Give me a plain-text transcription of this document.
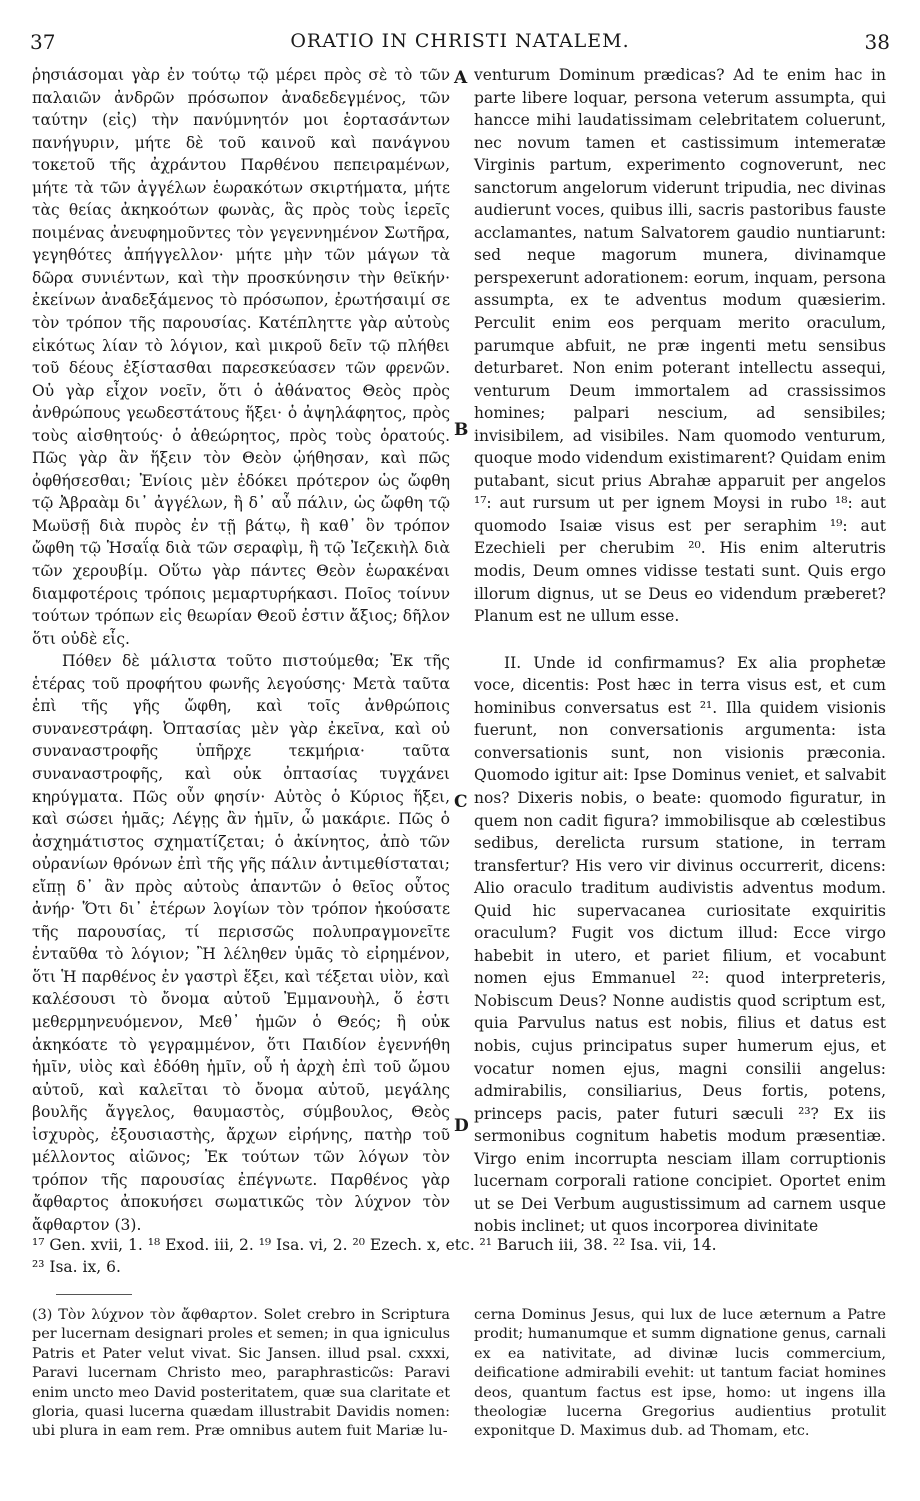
37	ORATIO IN CHRISTI NATALEM.	38

ῥησιάσομαι γὰρ ἐν τούτῳ τῷ μέρει πρὸς σὲ τὸ τῶν παλαιῶν ἀνδρῶν πρόσωπον ἀναδεδεγμένος, τῶν ταύτην (εἰς) τὴν πανύμνητόν μοι ἑορτασάντων πανήγυριν, μήτε δὲ τοῦ καινοῦ καὶ πανάγνου τοκετοῦ τῆς ἀχράντου Παρθένου πεπειραμένων, μήτε τὰ τῶν ἀγγέλων ἑωρακότων σκιρτήματα, μήτε τὰς θείας ἀκηκοότων φωνὰς, ἃς πρὸς τοὺς ἱερεῖς ποιμένας ἀνευφημοῦντες τὸν γεγεννημένον Σωτῆρα, γεγηθότες ἀπήγγελλον· μήτε μὴν τῶν μάγων τὰ δῶρα συνιέντων, καὶ τὴν προσκύνησιν τὴν θεϊκήν· ἐκείνων ἀναδεξάμενος τὸ πρόσωπον, ἐρωτήσαιμί σε τὸν τρόπον τῆς παρουσίας. Κατέπληττε γὰρ αὐτοὺς εἰκότως λίαν τὸ λόγιον, καὶ μικροῦ δεῖν τῷ πλήθει τοῦ δέους ἐξίστασθαι παρεσκεύασεν τῶν φρενῶν. Οὐ γὰρ εἶχον νοεῖν, ὅτι ὁ ἀθάνατος Θεὸς πρὸς ἀνθρώπους γεωδεστάτους ἥξει· ὁ ἀψηλάφητος, πρὸς τοὺς αἰσθητούς· ὁ ἀθεώρητος, πρὸς τοὺς ὁρατούς. Πῶς γὰρ ἂν ἥξειν τὸν Θεὸν ᾠήθησαν, καὶ πῶς ὀφθήσεσθαι; Ἐνίοις μὲν ἐδόκει πρότερον ὡς ὤφθη τῷ Ἀβραὰμ δι᾽ ἀγγέλων, ἢ δ᾽ αὖ πάλιν, ὡς ὤφθη τῷ Μωϋσῇ διὰ πυρὸς ἐν τῇ βάτῳ, ἢ καθ᾽ ὃν τρόπον ὤφθη τῷ Ἡσαΐᾳ διὰ τῶν σεραφὶμ, ἢ τῷ Ἰεζεκιὴλ διὰ τῶν χερουβίμ. Οὕτω γὰρ πάντες Θεὸν ἑωρακέναι διαμφοτέροις τρόποις μεμαρτυρήκασι. Ποῖος τοίνυν τούτων τρόπων εἰς θεωρίαν Θεοῦ ἐστιν ἄξιος; δῆλον ὅτι οὐδὲ εἷς.

Πόθεν δὲ μάλιστα τοῦτο πιστούμεθα; Ἐκ τῆς ἑτέρας τοῦ προφήτου φωνῆς λεγούσης· Μετὰ ταῦτα ἐπὶ τῆς γῆς ὤφθη, καὶ τοῖς ἀνθρώποις συνανεστράφη. Ὀπτασίας μὲν γὰρ ἐκεῖνα, καὶ οὐ συναναστροφῆς ὑπῆρχε τεκμήρια· ταῦτα συναναστροφῆς, καὶ οὐκ ὀπτασίας τυγχάνει κηρύγματα. Πῶς οὖν φησίν· Αὐτὸς ὁ Κύριος ἥξει, καὶ σώσει ἡμᾶς; Λέγῃς ἂν ἡμῖν, ὦ μακάριε. Πῶς ὁ ἀσχημάτιστος σχηματίζεται; ὁ ἀκίνητος, ἀπὸ τῶν οὐρανίων θρόνων ἐπὶ τῆς γῆς πάλιν ἀντιμεθίσταται; εἴπῃ δ᾽ ἂν πρὸς αὐτοὺς ἁπαντῶν ὁ θεῖος οὗτος ἀνήρ· Ὅτι δι᾽ ἑτέρων λογίων τὸν τρόπον ἠκούσατε τῆς παρουσίας, τί περισσῶς πολυπραγμονεῖτε ἐνταῦθα τὸ λόγιον; Ἢ λέληθεν ὑμᾶς τὸ εἰρημένον, ὅτι Ἡ παρθένος ἐν γαστρὶ ἕξει, καὶ τέξεται υἱὸν, καὶ καλέσουσι τὸ ὄνομα αὐτοῦ Ἐμμανουὴλ, ὅ ἐστι μεθερμηνευόμενον, Μεθ᾽ ἡμῶν ὁ Θεός; ἢ οὐκ ἀκηκόατε τὸ γεγραμμένον, ὅτι Παιδίον ἐγεννήθη ἡμῖν, υἱὸς καὶ ἐδόθη ἡμῖν, οὗ ἡ ἀρχὴ ἐπὶ τοῦ ὤμου αὐτοῦ, καὶ καλεῖται τὸ ὄνομα αὐτοῦ, μεγάλης βουλῆς ἄγγελος, θαυμαστὸς, σύμβουλος, Θεὸς ἰσχυρὸς, ἐξουσιαστὴς, ἄρχων εἰρήνης, πατὴρ τοῦ μέλλοντος αἰῶνος; Ἐκ τούτων τῶν λόγων τὸν τρόπον τῆς παρουσίας ἐπέγνωτε. Παρθένος γὰρ ἄφθαρτος ἀποκυήσει σωματικῶς τὸν λύχνον τὸν ἄφθαρτον (3).

venturum Dominum prædicas? Ad te enim hac in parte libere loquar, persona veterum assumpta, qui hancce mihi laudatissimam celebritatem coluerunt, nec novum tamen et castissimum intemeratæ Virginis partum, experimento cognoverunt, nec sanctorum angelorum viderunt tripudia, nec divinas audierunt voces, quibus illi, sacris pastoribus fauste acclamantes, natum Salvatorem gaudio nuntiarunt: sed neque magorum munera, divinamque perspexerunt adorationem: eorum, inquam, persona assumpta, ex te adventus modum quæsierim. Perculit enim eos perquam merito oraculum, parumque abfuit, ne præ ingenti metu sensibus deturbaret. Non enim poterant intellectu assequi, venturum Deum immortalem ad crassissimos homines; palpari nescium, ad sensibiles; invisibilem, ad visibiles. Nam quomodo venturum, quoque modo videndum existimarent? Quidam enim putabant, sicut prius Abrahæ apparuit per angelos ¹⁷: aut rursum ut per ignem Moysi in rubo ¹⁸: aut quomodo Isaiæ visus est per seraphim ¹⁹: aut Ezechieli per cherubim ²⁰. His enim alterutris modis, Deum omnes vidisse testati sunt. Quis ergo illorum dignus, ut se Deus eo videndum præberet? Planum est ne ullum esse.

II. Unde id confirmamus? Ex alia prophetæ voce, dicentis: Post hæc in terra visus est, et cum hominibus conversatus est ²¹. Illa quidem visionis fuerunt, non conversationis argumenta: ista conversationis sunt, non visionis præconia. Quomodo igitur ait: Ipse Dominus veniet, et salvabit nos? Dixeris nobis, o beate: quomodo figuratur, in quem non cadit figura? immobilisque ab cœlestibus sedibus, derelicta rursum statione, in terram transfertur? His vero vir divinus occurrerit, dicens: Alio oraculo traditum audivistis adventus modum. Quid hic supervacanea curiositate exquiritis oraculum? Fugit vos dictum illud: Ecce virgo habebit in utero, et pariet filium, et vocabunt nomen ejus Emmanuel ²²: quod interpreteris, Nobiscum Deus? Nonne audistis quod scriptum est, quia Parvulus natus est nobis, filius et datus est nobis, cujus principatus super humerum ejus, et vocatur nomen ejus, magni consilii angelus: admirabilis, consiliarius, Deus fortis, potens, princeps pacis, pater futuri sæculi ²³? Ex iis sermonibus cognitum habetis modum præsentiæ. Virgo enim incorrupta nesciam illam corruptionis lucernam corporali ratione concipiet. Oportet enim ut se Dei Verbum augustissimum ad carnem usque nobis inclinet; ut quos incorporea divinitate

A
B
C
D
¹⁷ Gen. xvii, 1. ¹⁸ Exod. iii, 2. ¹⁹ Isa. vi, 2. ²⁰ Ezech. x, etc. ²¹ Baruch iii, 38. ²² Isa. vii, 14.
²³ Isa. ix, 6.
(3) Τὸν λύχνον τὸν ἄφθαρτον. Solet crebro in Scriptura per lucernam designari proles et semen; in qua igniculus Patris et Pater velut vivat. Sic Jansen. illud psal. cxxxi, Paravi lucernam Christo meo, paraphrasticῶs: Paravi enim uncto meo David posteritatem, quæ sua claritate et gloria, quasi lucerna quædam illustrabit Davidis nomen: ubi plura in eam rem. Præ omnibus autem fuit Mariæ lu-
cerna Dominus Jesus, qui lux de luce æternum a Patre prodit; humanumque et summ dignatione genus, carnali ex ea nativitate, ad divinæ lucis commercium, deificatione admirabili evehit: ut tantum faciat homines deos, quantum factus est ipse, homo: ut ingens illa theologiæ lucerna Gregorius audientius protulit exponitque D. Maximus dub. ad Thomam, etc.
